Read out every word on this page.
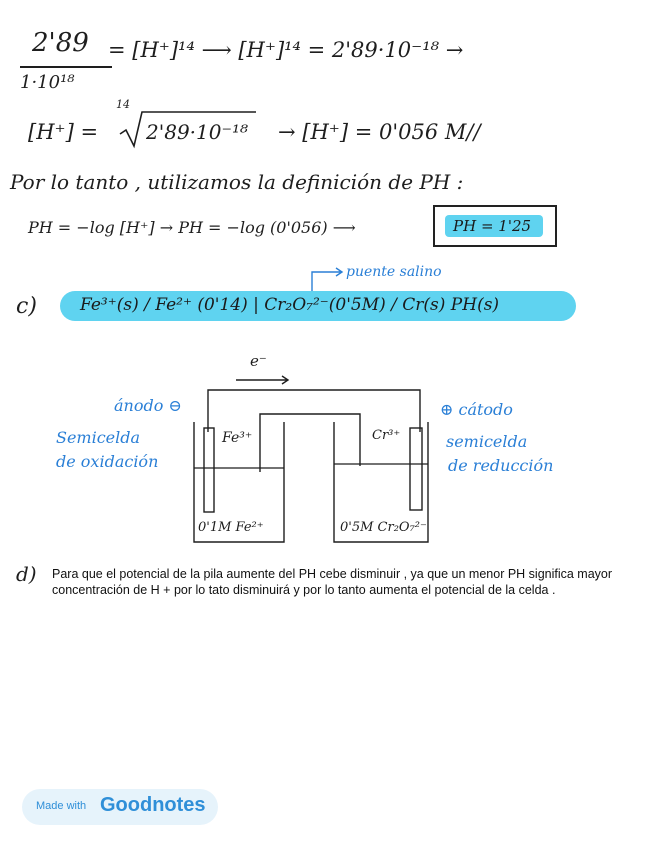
2'89
1·10¹⁸
= [H⁺]¹⁴ ⟶ [H⁺]¹⁴ = 2'89·10⁻¹⁸ →
[H⁺] =
14
2'89·10⁻¹⁸ → [H⁺] = 0'056 M//
Por lo tanto , utilizamos la definición de PH :
PH = −log [H⁺] → PH = −log (0'056) ⟶	PH = 1'25
puente salino
c)	Fe³⁺(s) / Fe²⁺ (0'14) | Cr₂O₇²⁻(0'5M) / Cr(s) PH(s)
e⁻
ánodo ⊖
Semicelda
de oxidación
⊕ cátodo
semicelda
de reducción
Fe³⁺	Cr³⁺
0'1M Fe²⁺	0'5M Cr₂O₇²⁻
d) Para que el potencial de la pila aumente del PH cebe disminuir , ya que un menor PH significa mayor concentración de H + por lo tato disminuirá y por lo tanto aumenta el potencial de la celda .
Made with Goodnotes
